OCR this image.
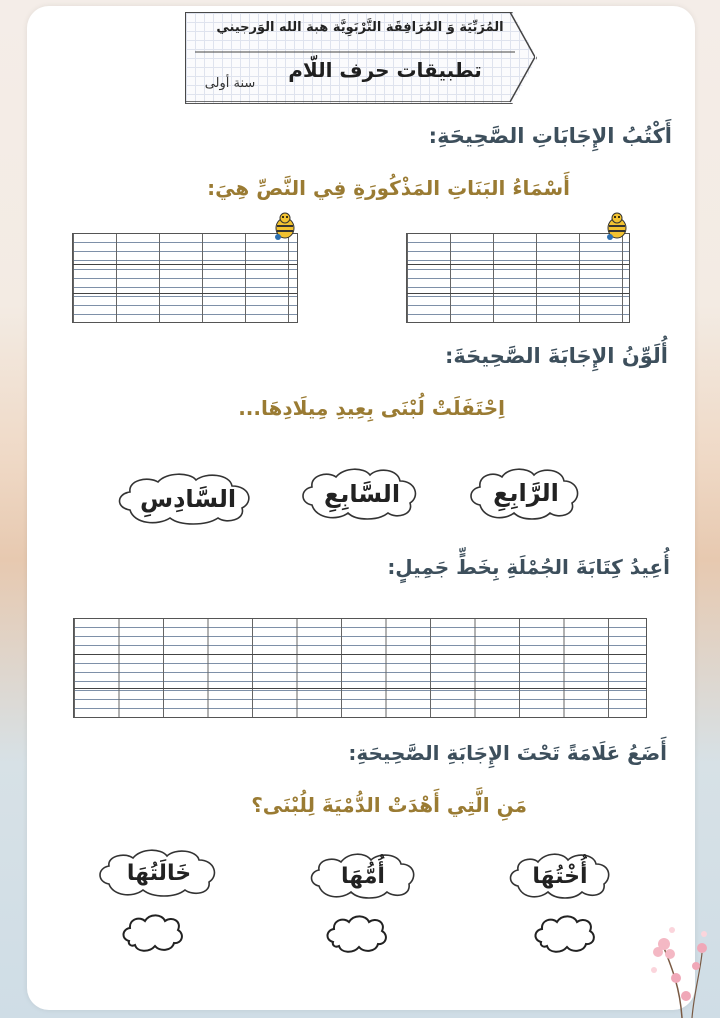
المُرَبِّيَة وَ المُرَافِقَة التَّرْبَوِيَّة هبة الله الوَرجيني
تطبيقات حرف اللّام
سنة أولى
أَكْتُبُ الإِجَابَاتِ الصَّحِيحَةِ:
أَسْمَاءُ البَنَاتِ المَذْكُورَةِ فِي النَّصِّ هِيَ:
أُلَوِّنُ الإِجَابَةَ الصَّحِيحَةَ:
اِحْتَفَلَتْ لُبْنَى بِعِيدِ مِيلَادِهَا...
الرَّابِعِ
السَّابِعِ
السَّادِسِ
أُعِيدُ كِتَابَةَ الجُمْلَةِ بِخَطٍّ جَمِيلٍ:
أَضَعُ عَلَامَةً تَحْتَ الإِجَابَةِ الصَّحِيحَةِ:
مَنِ الَّتِي أَهْدَتْ الدُّمْيَةَ لِلُبْنَى؟
أُخْتُهَا
أُمُّهَا
خَالَتُهَا
